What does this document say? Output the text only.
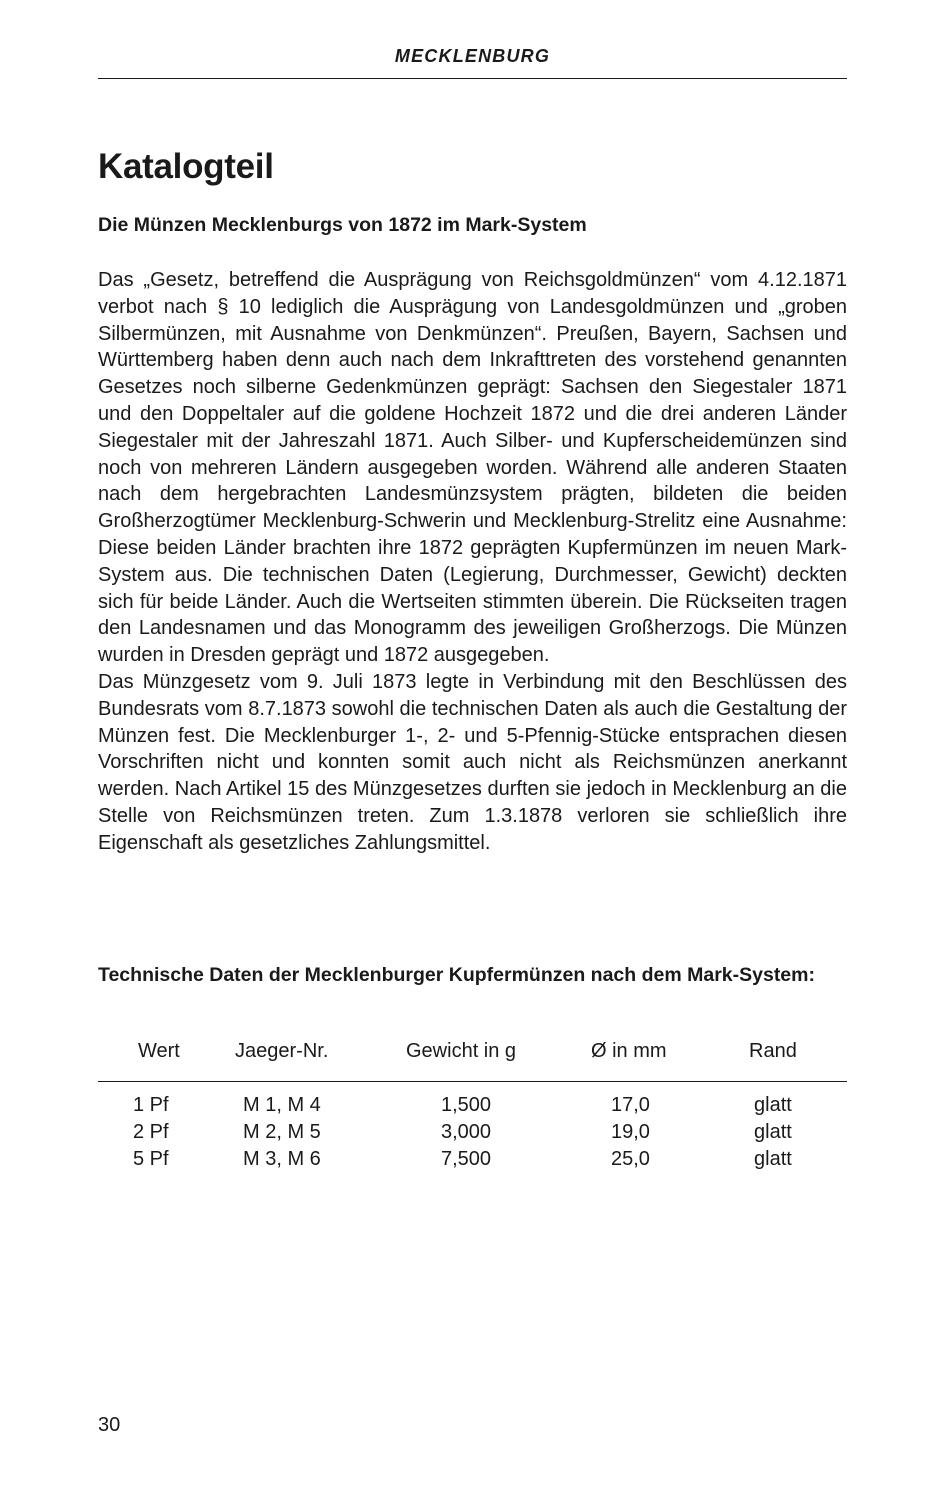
MECKLENBURG
Katalogteil
Die Münzen Mecklenburgs von 1872 im Mark-System

Das „Gesetz, betreffend die Ausprägung von Reichsgoldmünzen“ vom 4.12.1871 verbot nach § 10 lediglich die Ausprägung von Landesgoldmünzen und „groben Silbermünzen, mit Ausnahme von Denkmünzen“. Preußen, Bayern, Sachsen und Württemberg haben denn auch nach dem Inkrafttreten des vorstehend genannten Gesetzes noch silberne Gedenkmünzen geprägt: Sachsen den Siegestaler 1871 und den Doppeltaler auf die goldene Hochzeit 1872 und die drei anderen Länder Siegestaler mit der Jahreszahl 1871. Auch Silber- und Kupferscheidemünzen sind noch von mehreren Ländern ausgegeben worden. Während alle anderen Staaten nach dem hergebrachten Landesmünzsystem prägten, bildeten die beiden Großherzogtümer Mecklenburg-Schwerin und Mecklenburg-Strelitz eine Ausnahme: Diese beiden Länder brachten ihre 1872 geprägten Kupfermünzen im neuen Mark-System aus. Die technischen Daten (Legierung, Durchmesser, Gewicht) deckten sich für beide Länder. Auch die Wertseiten stimmten überein. Die Rückseiten tragen den Landesnamen und das Monogramm des jeweiligen Großherzogs. Die Münzen wurden in Dresden geprägt und 1872 ausgegeben.

Das Münzgesetz vom 9. Juli 1873 legte in Verbindung mit den Beschlüssen des Bundesrats vom 8.7.1873 sowohl die technischen Daten als auch die Gestaltung der Münzen fest. Die Mecklenburger 1-, 2- und 5-Pfennig-Stücke entsprachen diesen Vorschriften nicht und konnten somit auch nicht als Reichsmünzen anerkannt werden. Nach Artikel 15 des Münzgesetzes durften sie jedoch in Mecklenburg an die Stelle von Reichsmünzen treten. Zum 1.3.1878 verloren sie schließlich ihre Eigenschaft als gesetzliches Zahlungsmittel.

Technische Daten der Mecklenburger Kupfermünzen nach dem Mark-System:
Wert	Jaeger-Nr.	Gewicht in g	Ø in mm	Rand
1 Pf	M 1, M 4	1,500	17,0	glatt
2 Pf	M 2, M 5	3,000	19,0	glatt
5 Pf	M 3, M 6	7,500	25,0	glatt
30
